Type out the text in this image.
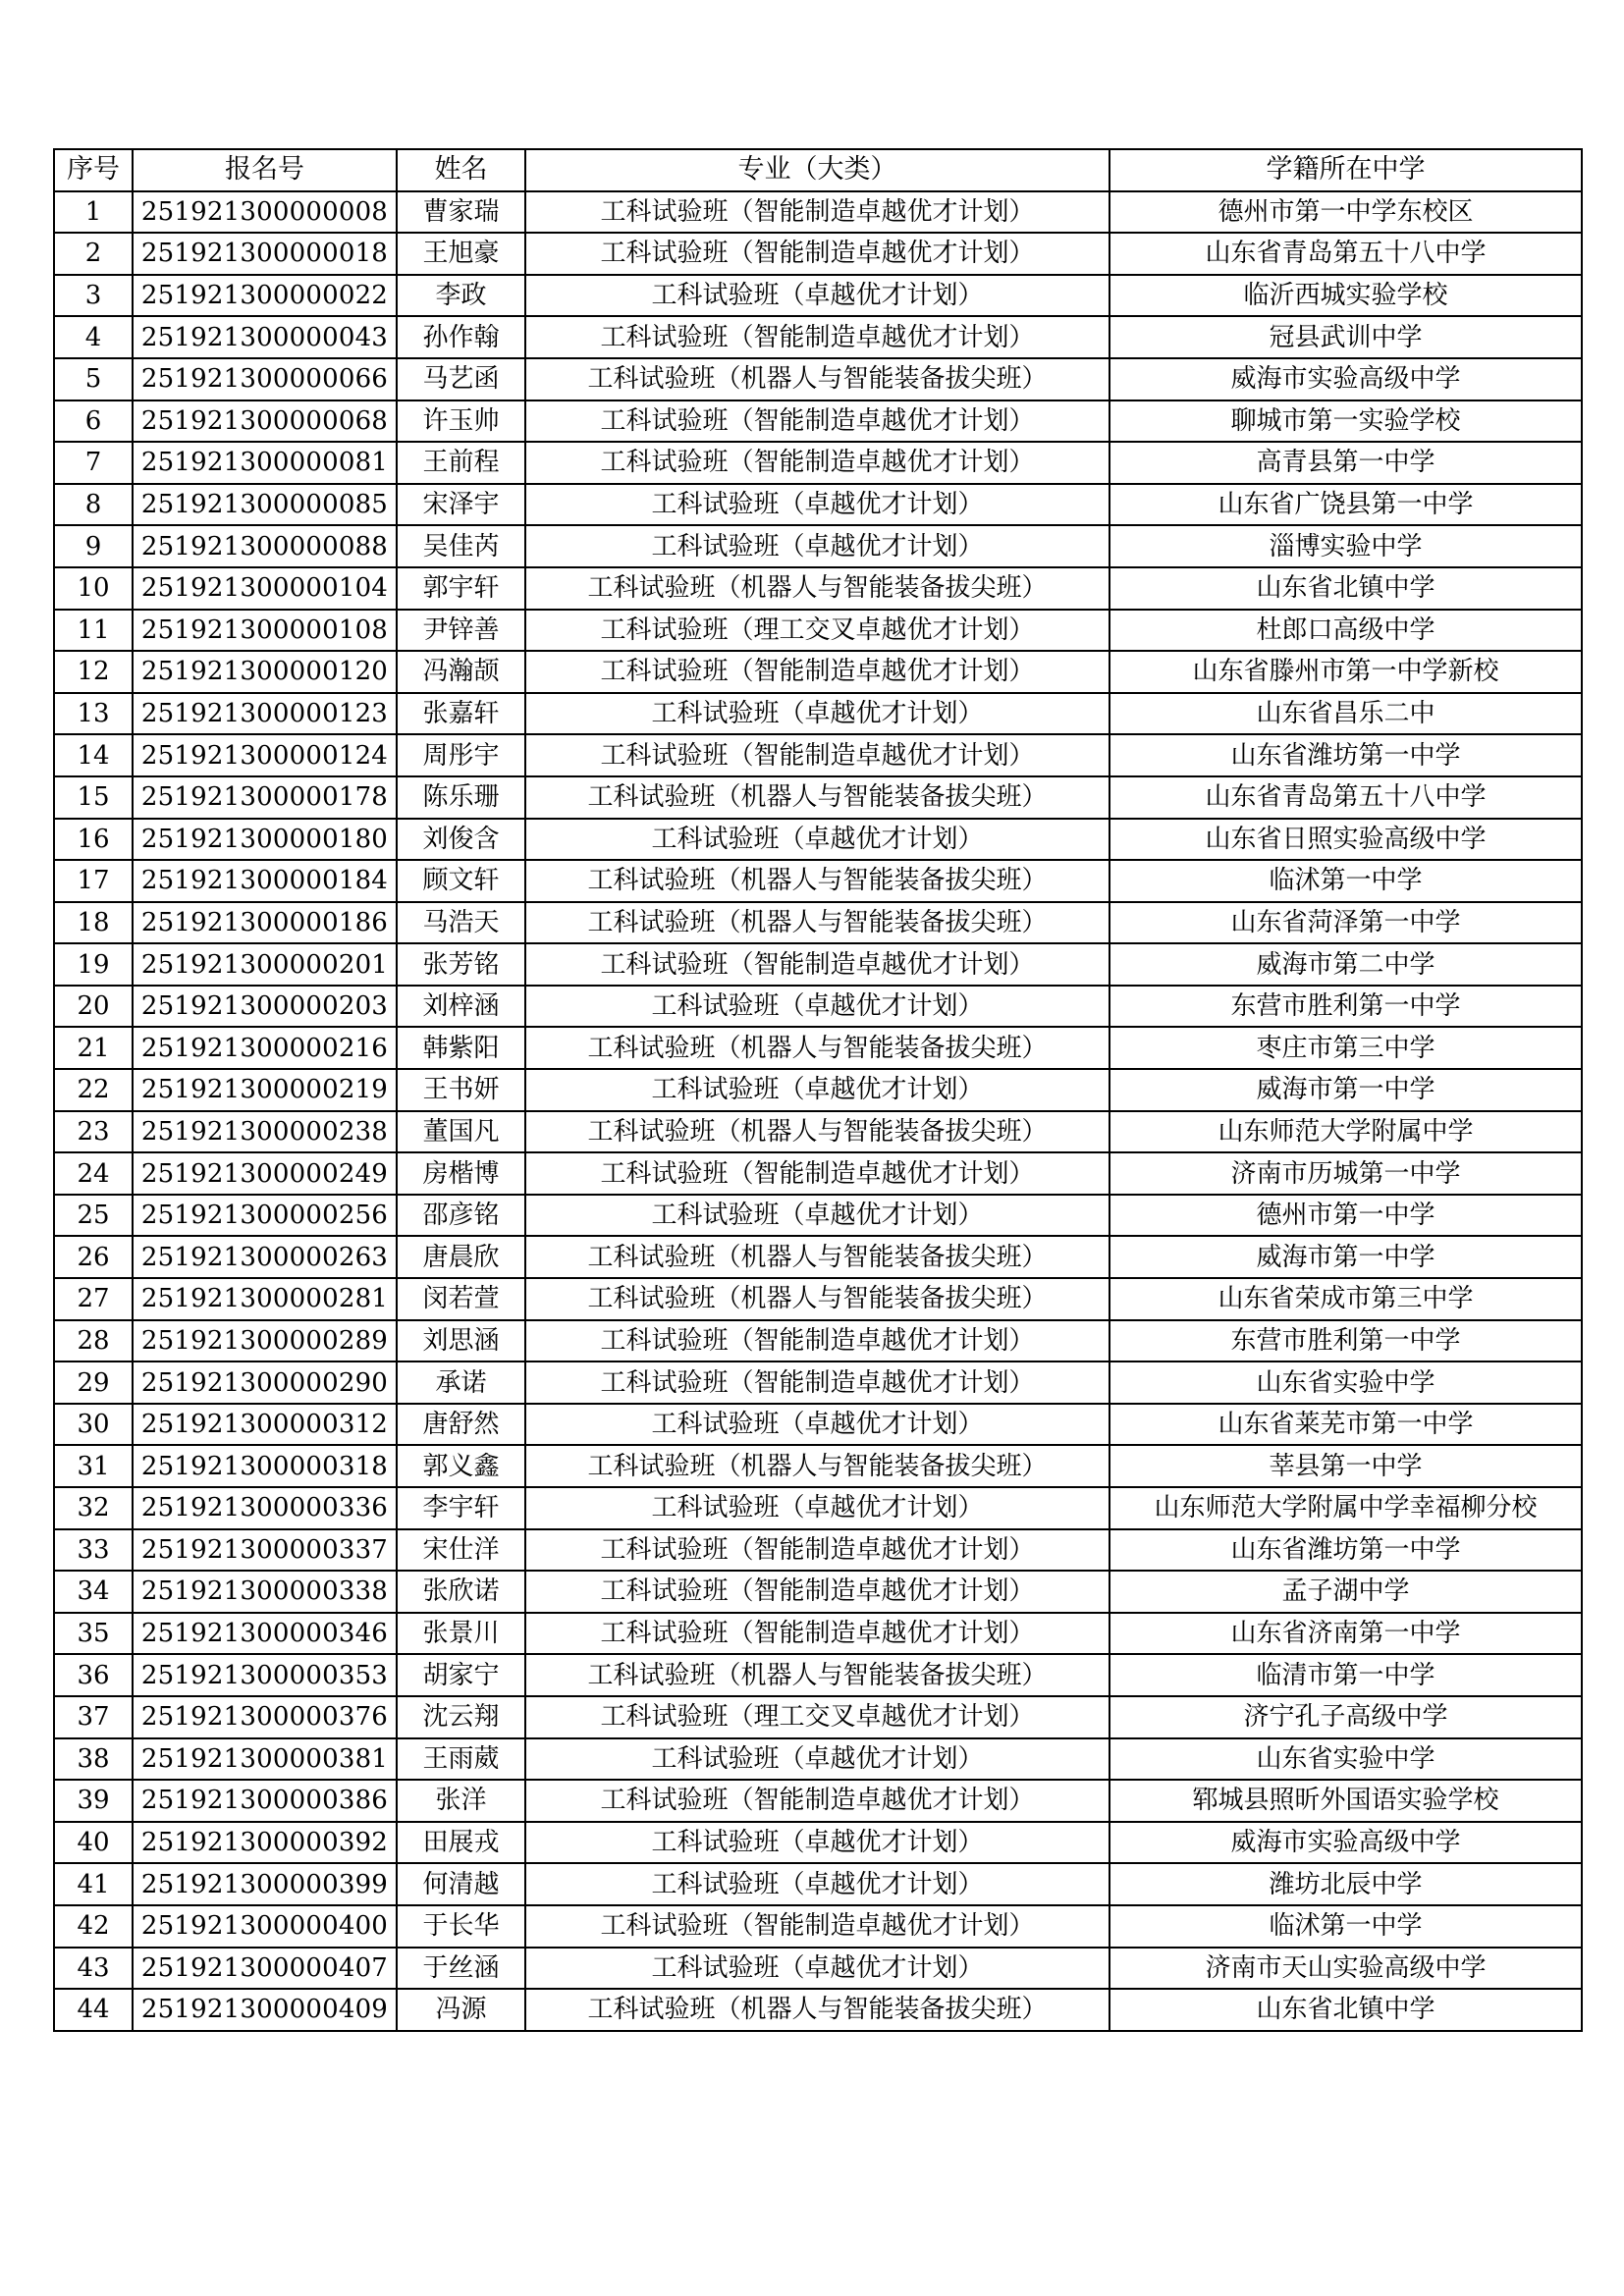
序号	报名号	姓名	专业（大类）	学籍所在中学
1	251921300000008	曹家瑞	工科试验班（智能制造卓越优才计划）	德州市第一中学东校区
2	251921300000018	王旭豪	工科试验班（智能制造卓越优才计划）	山东省青岛第五十八中学
3	251921300000022	李政	工科试验班（卓越优才计划）	临沂西城实验学校
4	251921300000043	孙作翰	工科试验班（智能制造卓越优才计划）	冠县武训中学
5	251921300000066	马艺函	工科试验班（机器人与智能装备拔尖班）	威海市实验高级中学
6	251921300000068	许玉帅	工科试验班（智能制造卓越优才计划）	聊城市第一实验学校
7	251921300000081	王前程	工科试验班（智能制造卓越优才计划）	高青县第一中学
8	251921300000085	宋泽宇	工科试验班（卓越优才计划）	山东省广饶县第一中学
9	251921300000088	吴佳芮	工科试验班（卓越优才计划）	淄博实验中学
10	251921300000104	郭宇轩	工科试验班（机器人与智能装备拔尖班）	山东省北镇中学
11	251921300000108	尹锌善	工科试验班（理工交叉卓越优才计划）	杜郎口高级中学
12	251921300000120	冯瀚颉	工科试验班（智能制造卓越优才计划）	山东省滕州市第一中学新校
13	251921300000123	张嘉轩	工科试验班（卓越优才计划）	山东省昌乐二中
14	251921300000124	周彤宇	工科试验班（智能制造卓越优才计划）	山东省潍坊第一中学
15	251921300000178	陈乐珊	工科试验班（机器人与智能装备拔尖班）	山东省青岛第五十八中学
16	251921300000180	刘俊含	工科试验班（卓越优才计划）	山东省日照实验高级中学
17	251921300000184	顾文轩	工科试验班（机器人与智能装备拔尖班）	临沭第一中学
18	251921300000186	马浩天	工科试验班（机器人与智能装备拔尖班）	山东省菏泽第一中学
19	251921300000201	张芳铭	工科试验班（智能制造卓越优才计划）	威海市第二中学
20	251921300000203	刘梓涵	工科试验班（卓越优才计划）	东营市胜利第一中学
21	251921300000216	韩紫阳	工科试验班（机器人与智能装备拔尖班）	枣庄市第三中学
22	251921300000219	王书妍	工科试验班（卓越优才计划）	威海市第一中学
23	251921300000238	董国凡	工科试验班（机器人与智能装备拔尖班）	山东师范大学附属中学
24	251921300000249	房楷博	工科试验班（智能制造卓越优才计划）	济南市历城第一中学
25	251921300000256	邵彦铭	工科试验班（卓越优才计划）	德州市第一中学
26	251921300000263	唐晨欣	工科试验班（机器人与智能装备拔尖班）	威海市第一中学
27	251921300000281	闵若萱	工科试验班（机器人与智能装备拔尖班）	山东省荣成市第三中学
28	251921300000289	刘思涵	工科试验班（智能制造卓越优才计划）	东营市胜利第一中学
29	251921300000290	承诺	工科试验班（智能制造卓越优才计划）	山东省实验中学
30	251921300000312	唐舒然	工科试验班（卓越优才计划）	山东省莱芜市第一中学
31	251921300000318	郭义鑫	工科试验班（机器人与智能装备拔尖班）	莘县第一中学
32	251921300000336	李宇轩	工科试验班（卓越优才计划）	山东师范大学附属中学幸福柳分校
33	251921300000337	宋仕洋	工科试验班（智能制造卓越优才计划）	山东省潍坊第一中学
34	251921300000338	张欣诺	工科试验班（智能制造卓越优才计划）	孟子湖中学
35	251921300000346	张景川	工科试验班（智能制造卓越优才计划）	山东省济南第一中学
36	251921300000353	胡家宁	工科试验班（机器人与智能装备拔尖班）	临清市第一中学
37	251921300000376	沈云翔	工科试验班（理工交叉卓越优才计划）	济宁孔子高级中学
38	251921300000381	王雨葳	工科试验班（卓越优才计划）	山东省实验中学
39	251921300000386	张洋	工科试验班（智能制造卓越优才计划）	郓城县照昕外国语实验学校
40	251921300000392	田展戎	工科试验班（卓越优才计划）	威海市实验高级中学
41	251921300000399	何清越	工科试验班（卓越优才计划）	潍坊北辰中学
42	251921300000400	于长华	工科试验班（智能制造卓越优才计划）	临沭第一中学
43	251921300000407	于丝涵	工科试验班（卓越优才计划）	济南市天山实验高级中学
44	251921300000409	冯源	工科试验班（机器人与智能装备拔尖班）	山东省北镇中学
